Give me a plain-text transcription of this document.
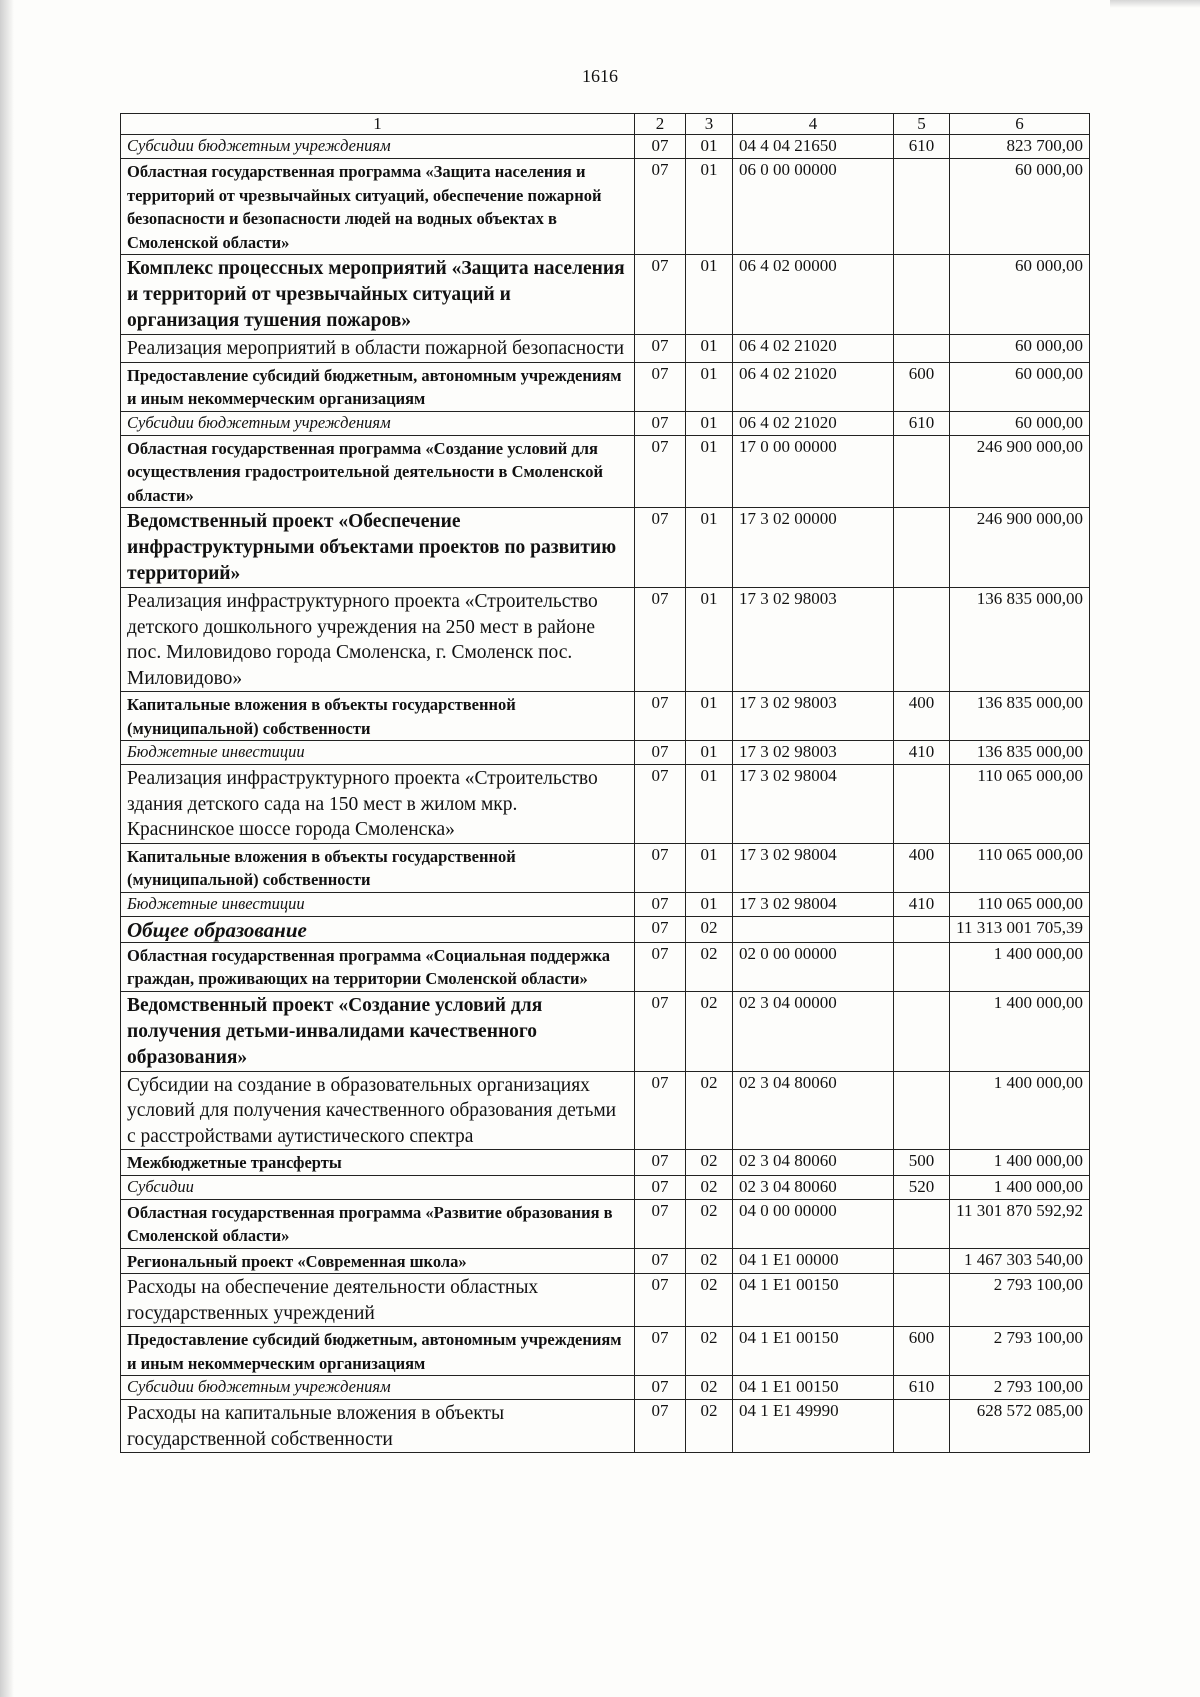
1616
1	2	3	4	5	6

Субсидии бюджетным учреждениям	07	01	04 4 04 21650	610	823 700,00

Областная государственная программа «Защита населения и территорий от чрезвычайных ситуаций, обеспечение пожарной безопасности и безопасности людей на водных объектах в Смоленской области»	07	01	06 0 00 00000		60 000,00

Комплекс процессных мероприятий «Защита населения и территорий от чрезвычайных ситуаций и организация тушения пожаров»	07	01	06 4 02 00000		60 000,00

Реализация мероприятий в области пожарной безопасности	07	01	06 4 02 21020		60 000,00

Предоставление субсидий бюджетным, автономным учреждениям и иным некоммерческим организациям	07	01	06 4 02 21020	600	60 000,00

Субсидии бюджетным учреждениям	07	01	06 4 02 21020	610	60 000,00

Областная государственная программа «Создание условий для осуществления градостроительной деятельности в Смоленской области»	07	01	17 0 00 00000		246 900 000,00

Ведомственный проект «Обеспечение инфраструктурными объектами проектов по развитию территорий»	07	01	17 3 02 00000		246 900 000,00

Реализация инфраструктурного проекта «Строительство детского дошкольного учреждения на 250 мест в районе пос. Миловидово города Смоленска, г. Смоленск пос. Миловидово»	07	01	17 3 02 98003		136 835 000,00

Капитальные вложения в объекты государственной (муниципальной) собственности	07	01	17 3 02 98003	400	136 835 000,00

Бюджетные инвестиции	07	01	17 3 02 98003	410	136 835 000,00

Реализация инфраструктурного проекта «Строительство здания детского сада на 150 мест в жилом мкр. Краснинское шоссе города Смоленска»	07	01	17 3 02 98004		110 065 000,00

Капитальные вложения в объекты государственной (муниципальной) собственности	07	01	17 3 02 98004	400	110 065 000,00

Бюджетные инвестиции	07	01	17 3 02 98004	410	110 065 000,00

Общее образование	07	02			11 313 001 705,39

Областная государственная программа «Социальная поддержка граждан, проживающих на территории Смоленской области»	07	02	02 0 00 00000		1 400 000,00

Ведомственный проект «Создание условий для получения детьми-инвалидами качественного образования»	07	02	02 3 04 00000		1 400 000,00

Субсидии на создание в образовательных организациях условий для получения качественного образования детьми с расстройствами аутистического спектра	07	02	02 3 04 80060		1 400 000,00

Межбюджетные трансферты	07	02	02 3 04 80060	500	1 400 000,00

Субсидии	07	02	02 3 04 80060	520	1 400 000,00

Областная государственная программа «Развитие образования в Смоленской области»	07	02	04 0 00 00000		11 301 870 592,92

Региональный проект «Современная школа»	07	02	04 1 E1 00000		1 467 303 540,00

Расходы на обеспечение деятельности областных государственных учреждений	07	02	04 1 E1 00150		2 793 100,00

Предоставление субсидий бюджетным, автономным учреждениям и иным некоммерческим организациям	07	02	04 1 E1 00150	600	2 793 100,00

Субсидии бюджетным учреждениям	07	02	04 1 E1 00150	610	2 793 100,00

Расходы на капитальные вложения в объекты государственной собственности	07	02	04 1 E1 49990		628 572 085,00
